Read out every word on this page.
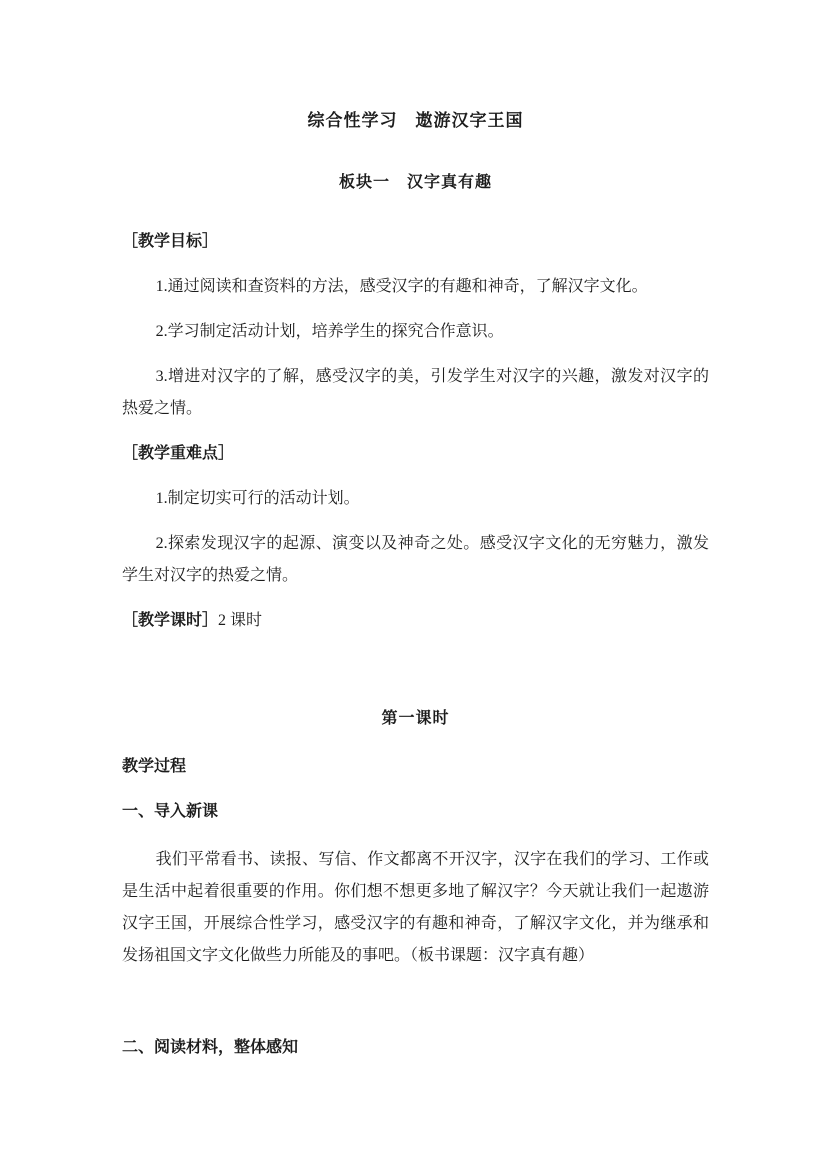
综合性学习　遨游汉字王国
板块一　汉字真有趣
［教学目标］

1.通过阅读和查资料的方法，感受汉字的有趣和神奇，了解汉字文化。

2.学习制定活动计划，培养学生的探究合作意识。

3.增进对汉字的了解，感受汉字的美，引发学生对汉字的兴趣，激发对汉字的热爱之情。

［教学重难点］

1.制定切实可行的活动计划。

2.探索发现汉字的起源、演变以及神奇之处。感受汉字文化的无穷魅力，激发学生对汉字的热爱之情。

［教学课时］2 课时
第一课时
教学过程
一、导入新课

我们平常看书、读报、写信、作文都离不开汉字，汉字在我们的学习、工作或是生活中起着很重要的作用。你们想不想更多地了解汉字？今天就让我们一起遨游汉字王国，开展综合性学习，感受汉字的有趣和神奇，了解汉字文化，并为继承和发扬祖国文字文化做些力所能及的事吧。（板书课题：汉字真有趣）

二、阅读材料，整体感知
